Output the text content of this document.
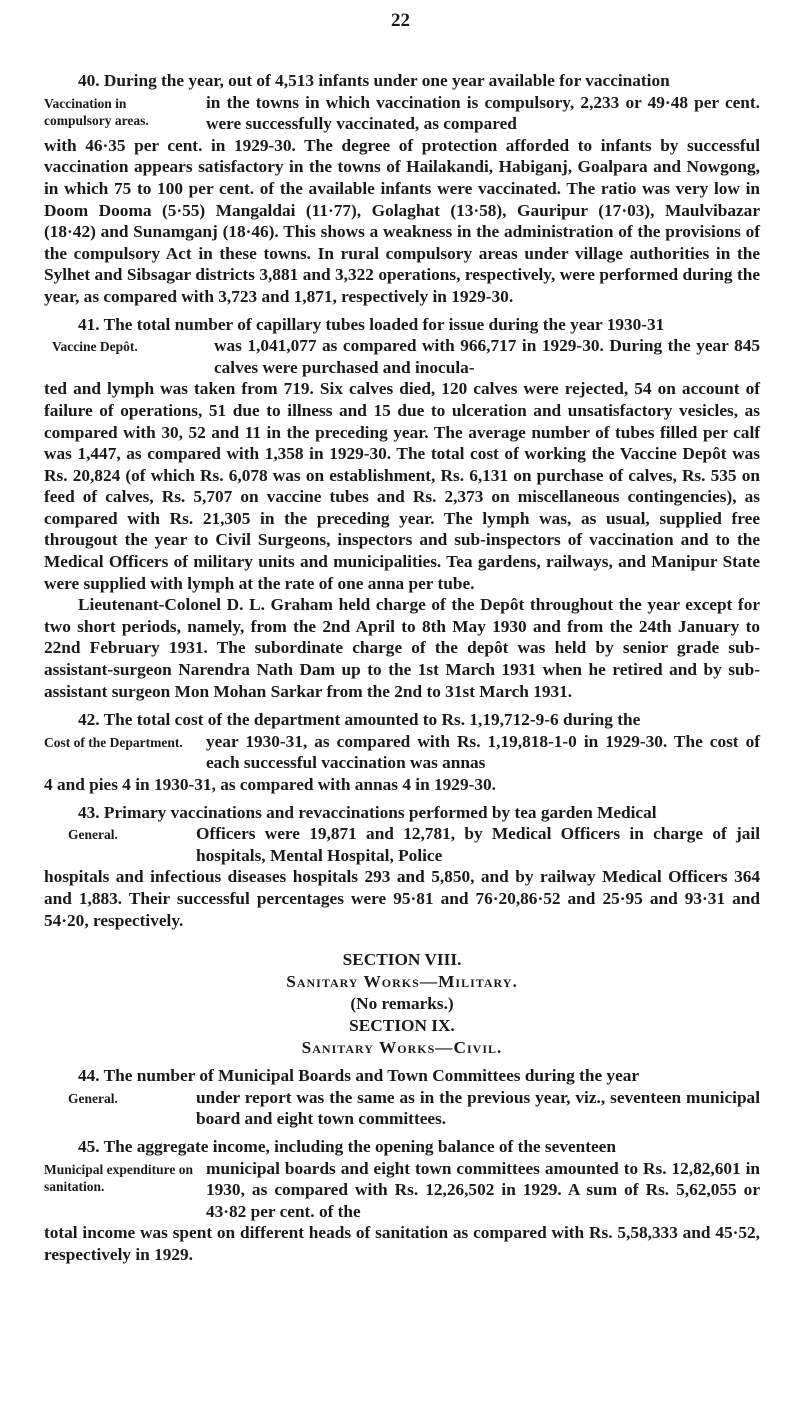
22
40. During the year, out of 4,513 infants under one year available for vaccination
Vaccination in compulsory areas.
in the towns in which vaccination is compulsory, 2,233 or 49·48 per cent. were successfully vaccinated, as compared
with 46·35 per cent. in 1929-30. The degree of protection afforded to infants by successful vaccination appears satisfactory in the towns of Hailakandi, Habiganj, Goalpara and Nowgong, in which 75 to 100 per cent. of the available infants were vaccinated. The ratio was very low in Doom Dooma (5·55) Mangaldai (11·77), Golaghat (13·58), Gauripur (17·03), Maulvibazar (18·42) and Sunamganj (18·46). This shows a weakness in the administration of the provisions of the compulsory Act in these towns. In rural compulsory areas under village authorities in the Sylhet and Sibsagar districts 3,881 and 3,322 operations, respectively, were performed during the year, as compared with 3,723 and 1,871, respectively in 1929-30.
41. The total number of capillary tubes loaded for issue during the year 1930-31
Vaccine Depôt.	was 1,041,077 as compared with 966,717 in 1929-30. During the year 845 calves were purchased and inocula-
ted and lymph was taken from 719. Six calves died, 120 calves were rejected, 54 on account of failure of operations, 51 due to illness and 15 due to ulceration and unsatisfactory vesicles, as compared with 30, 52 and 11 in the preceding year. The average number of tubes filled per calf was 1,447, as compared with 1,358 in 1929-30. The total cost of working the Vaccine Depôt was Rs. 20,824 (of which Rs. 6,078 was on establishment, Rs. 6,131 on purchase of calves, Rs. 535 on feed of calves, Rs. 5,707 on vaccine tubes and Rs. 2,373 on miscellaneous contingencies), as compared with Rs. 21,305 in the preceding year. The lymph was, as usual, supplied free througout the year to Civil Surgeons, inspectors and sub-inspectors of vaccination and to the Medical Officers of military units and municipalities. Tea gardens, railways, and Manipur State were supplied with lymph at the rate of one anna per tube.
Lieutenant-Colonel D. L. Graham held charge of the Depôt throughout the year except for two short periods, namely, from the 2nd April to 8th May 1930 and from the 24th January to 22nd February 1931. The subordinate charge of the depôt was held by senior grade sub-assistant-surgeon Narendra Nath Dam up to the 1st March 1931 when he retired and by sub-assistant surgeon Mon Mohan Sarkar from the 2nd to 31st March 1931.
42. The total cost of the department amounted to Rs. 1,19,712-9-6 during the
Cost of the Department.	year 1930-31, as compared with Rs. 1,19,818-1-0 in 1929-30. The cost of each successful vaccination was annas
4 and pies 4 in 1930-31, as compared with annas 4 in 1929-30.
43. Primary vaccinations and revaccinations performed by tea garden Medical
General.	Officers were 19,871 and 12,781, by Medical Officers in charge of jail hospitals, Mental Hospital, Police
hospitals and infectious diseases hospitals 293 and 5,850, and by railway Medical Officers 364 and 1,883. Their successful percentages were 95·81 and 76·20,86·52 and 25·95 and 93·31 and 54·20, respectively.
SECTION VIII.
Sanitary Works—Military.
(No remarks.)
SECTION IX.
Sanitary Works—Civil.
44. The number of Municipal Boards and Town Committees during the year
General.	under report was the same as in the previous year, viz., seventeen municipal board and eight town committees.
45. The aggregate income, including the opening balance of the seventeen
Municipal expenditure on sanitation.
municipal boards and eight town committees amounted to Rs. 12,82,601 in 1930, as compared with Rs. 12,26,502 in 1929. A sum of Rs. 5,62,055 or 43·82 per cent. of the
total income was spent on different heads of sanitation as compared with Rs. 5,58,333 and 45·52, respectively in 1929.
